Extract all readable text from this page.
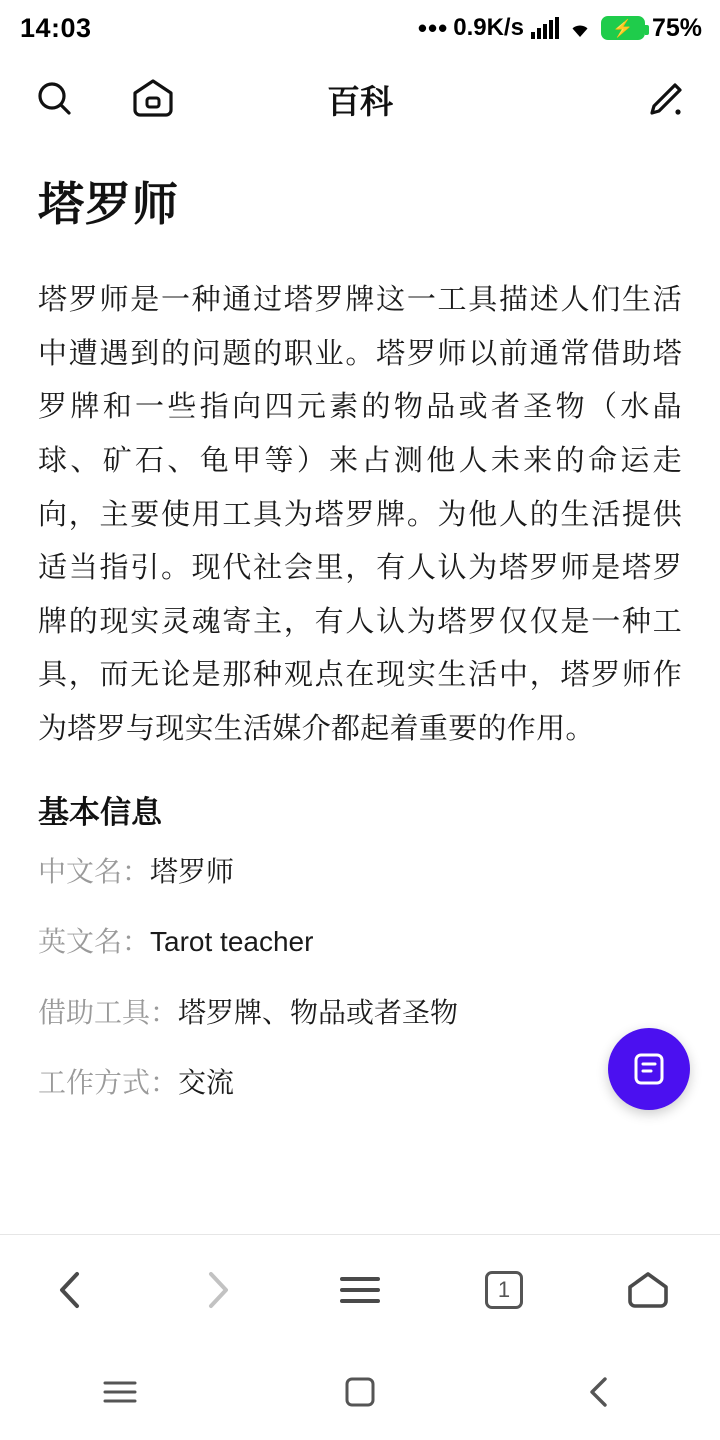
14:03	••• 0.9K/s	⚡ 75%
百科
塔罗师
塔罗师是一种通过塔罗牌这一工具描述人们生活中遭遇到的问题的职业。塔罗师以前通常借助塔罗牌和一些指向四元素的物品或者圣物（水晶球、矿石、龟甲等）来占测他人未来的命运走向，主要使用工具为塔罗牌。为他人的生活提供适当指引。现代社会里，有人认为塔罗师是塔罗牌的现实灵魂寄主，有人认为塔罗仅仅是一种工具，而无论是那种观点在现实生活中，塔罗师作为塔罗与现实生活媒介都起着重要的作用。
基本信息
中文名：塔罗师
英文名：Tarot teacher
借助工具：塔罗牌、物品或者圣物
工作方式：交流
1
